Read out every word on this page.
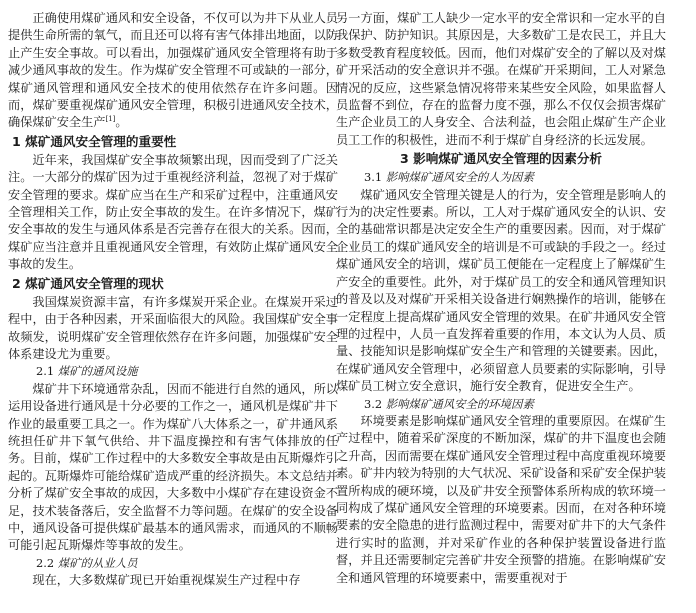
正确使用煤矿通风和安全设备，不仅可以为井下从业人员提供生命所需的氧气，而且还可以将有害气体排出地面，以防止产生安全事故。可以看出，加强煤矿通风安全管理将有助于减少通风事故的发生。作为煤矿安全管理不可或缺的一部分，煤矿通风管理和通风安全技术的使用依然存在许多问题。因而，煤矿要重视煤矿通风安全管理，积极引进通风安全技术，确保煤矿安全生产[1]。

1 煤矿通风安全管理的重要性

近年来，我国煤矿安全事故频繁出现，因而受到了广泛关注。一大部分的煤矿因为过于重视经济利益，忽视了对于煤矿安全管理的要求。煤矿应当在生产和采矿过程中，注重通风安全管理相关工作，防止安全事故的发生。在许多情况下，煤矿安全事故的发生与通风体系是否完善存在很大的关系。因而，煤矿应当注意并且重视通风安全管理，有效防止煤矿通风安全事故的发生。

2 煤矿通风安全管理的现状

我国煤炭资源丰富，有许多煤炭开采企业。在煤炭开采过程中，由于各种因素，开采面临很大的风险。我国煤矿安全事故频发，说明煤矿安全管理依然存在许多问题，加强煤矿安全体系建设尤为重要。

2.1 煤矿的通风设施

煤矿井下环境通常杂乱，因而不能进行自然的通风，所以运用设备进行通风是十分必要的工作之一，通风机是煤矿井下作业的最重要工具之一。作为煤矿八大体系之一，矿井通风系统担任矿井下氧气供给、井下温度操控和有害气体排放的任务。目前，煤矿工作过程中的大多数安全事故是由瓦斯爆炸引起的。瓦斯爆炸可能给煤矿造成严重的经济损失。本文总结并分析了煤矿安全事故的成因，大多数中小煤矿存在建设资金不足，技术装备落后，安全监督不力等问题。在煤矿的安全设备中，通风设备可提供煤矿最基本的通风需求，而通风的不顺畅可能引起瓦斯爆炸等事故的发生。

2.2 煤矿的从业人员

现在，大多数煤矿现已开始重视煤炭生产过程中存

另一方面，煤矿工人缺少一定水平的安全常识和一定水平的自我保护、防护知识。其原因是，大多数矿工是农民工，并且大多数受教育程度较低。因而，他们对煤矿安全的了解以及对煤矿开采活动的安全意识并不强。在煤矿开采期间，工人对紧急情况的反应，这些紧急情况将带来某些安全风险，如果监督人员监督不到位，存在的监督力度不强，那么不仅仅会损害煤矿生产企业员工的人身安全、合法利益，也会阻止煤矿生产企业员工工作的积极性，进而不利于煤矿自身经济的长远发展。

3 影响煤矿通风安全管理的因素分析
3.1 影响煤矿通风安全的人为因素

煤矿通风安全管理关键是人的行为，安全管理是影响人的行为的决定性要素。所以，工人对于煤矿通风安全的认识、安全的基础常识都是决定安全生产的重要因素。因而，对于煤矿企业员工的煤矿通风安全的培训是不可或缺的手段之一。经过煤矿通风安全的培训，煤矿员工便能在一定程度上了解煤矿生产安全的重要性。此外，对于煤矿员工的安全和通风管理知识的普及以及对煤矿开采相关设备进行娴熟操作的培训，能够在一定程度上提高煤矿通风安全管理的效果。在矿井通风安全管理的过程中，人员一直发挥着重要的作用，本文认为人员、质量、技能知识是影响煤矿安全生产和管理的关键要素。因此，在煤矿通风安全管理中，必须留意人员要素的实际影响，引导煤矿员工树立安全意识，施行安全教育，促进安全生产。

3.2 影响煤矿通风安全的环境因素

环境要素是影响煤矿通风安全管理的重要原因。在煤矿生产过程中，随着采矿深度的不断加深，煤矿的井下温度也会随之升高，因而需要在煤矿通风安全管理过程中高度重视环境要素。矿井内较为特别的大气状况、采矿设备和采矿安全保护装置所构成的硬环境，以及矿井安全预警体系所构成的软环境一同构成了煤矿通风安全管理的环境要素。因而，在对各种环境要素的安全隐患的进行监测过程中，需要对矿井下的大气条件进行实时的监测，并对采矿作业的各种保护装置设备进行监督，并且还需要制定完善矿井安全预警的措施。在影响煤矿安全和通风管理的环境要素中，需要重视对于
